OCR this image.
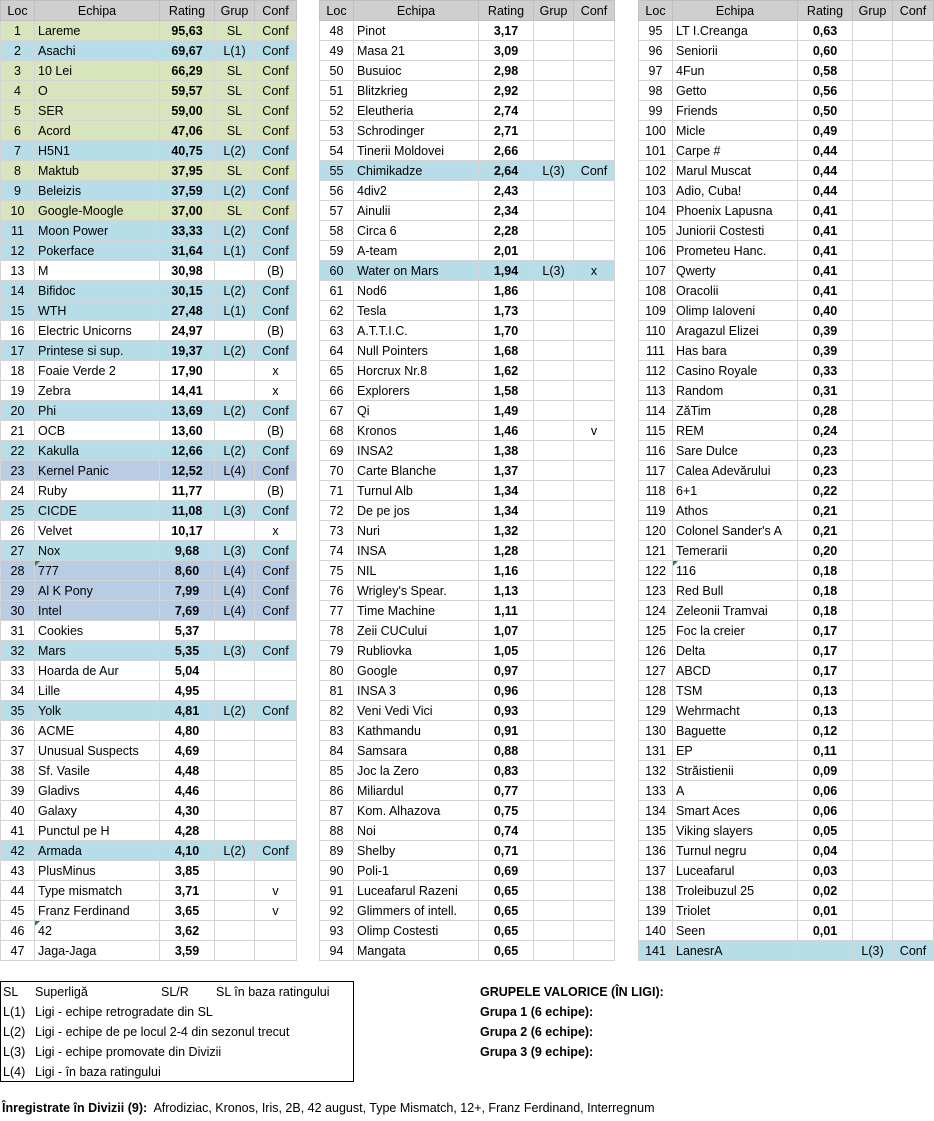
Loc	Echipa	Rating	Grup	Conf
1	Lareme	95,63	SL	Conf
2	Asachi	69,67	L(1)	Conf
3	10 Lei	66,29	SL	Conf
4	O	59,57	SL	Conf
5	SER	59,00	SL	Conf
6	Acord	47,06	SL	Conf
7	H5N1	40,75	L(2)	Conf
8	Maktub	37,95	SL	Conf
9	Beleizis	37,59	L(2)	Conf
10	Google-Moogle	37,00	SL	Conf
11	Moon Power	33,33	L(2)	Conf
12	Pokerface	31,64	L(1)	Conf
13	M	30,98		(B)
14	Bifidoc	30,15	L(2)	Conf
15	WTH	27,48	L(1)	Conf
16	Electric Unicorns	24,97		(B)
17	Printese si sup.	19,37	L(2)	Conf
18	Foaie Verde 2	17,90		x
19	Zebra	14,41		x
20	Phi	13,69	L(2)	Conf
21	OCB	13,60		(B)
22	Kakulla	12,66	L(2)	Conf
23	Kernel Panic	12,52	L(4)	Conf
24	Ruby	11,77		(B)
25	CICDE	11,08	L(3)	Conf
26	Velvet	10,17		x
27	Nox	9,68	L(3)	Conf
28	777	8,60	L(4)	Conf
29	Al K Pony	7,99	L(4)	Conf
30	Intel	7,69	L(4)	Conf
31	Cookies	5,37		
32	Mars	5,35	L(3)	Conf
33	Hoarda de Aur	5,04		
34	Lille	4,95		
35	Yolk	4,81	L(2)	Conf
36	ACME	4,80		
37	Unusual Suspects	4,69		
38	Sf. Vasile	4,48		
39	Gladivs	4,46		
40	Galaxy	4,30		
41	Punctul pe H	4,28		
42	Armada	4,10	L(2)	Conf
43	PlusMinus	3,85		
44	Type mismatch	3,71		v
45	Franz Ferdinand	3,65		v
46	42	3,62		
47	Jaga-Jaga	3,59		
Loc	Echipa	Rating	Grup	Conf
48	Pinot	3,17		
49	Masa 21	3,09		
50	Busuioc	2,98		
51	Blitzkrieg	2,92		
52	Eleutheria	2,74		
53	Schrodinger	2,71		
54	Tinerii Moldovei	2,66		
55	Chimikadze	2,64	L(3)	Conf
56	4div2	2,43		
57	Ainulii	2,34		
58	Circa 6	2,28		
59	A-team	2,01		
60	Water on Mars	1,94	L(3)	x
61	Nod6	1,86		
62	Tesla	1,73		
63	A.T.T.I.C.	1,70		
64	Null Pointers	1,68		
65	Horcrux Nr.8	1,62		
66	Explorers	1,58		
67	Qi	1,49		
68	Kronos	1,46		v
69	INSA2	1,38		
70	Carte Blanche	1,37		
71	Turnul Alb	1,34		
72	De pe jos	1,34		
73	Nuri	1,32		
74	INSA	1,28		
75	NIL	1,16		
76	Wrigley's Spear.	1,13		
77	Time Machine	1,11		
78	Zeii CUCului	1,07		
79	Rubliovka	1,05		
80	Google	0,97		
81	INSA 3	0,96		
82	Veni Vedi Vici	0,93		
83	Kathmandu	0,91		
84	Samsara	0,88		
85	Joc la Zero	0,83		
86	Miliardul	0,77		
87	Kom. Alhazova	0,75		
88	Noi	0,74		
89	Shelby	0,71		
90	Poli-1	0,69		
91	Luceafarul Razeni	0,65		
92	Glimmers of intell.	0,65		
93	Olimp Costesti	0,65		
94	Mangata	0,65		
Loc	Echipa	Rating	Grup	Conf
95	LT I.Creanga	0,63		
96	Seniorii	0,60		
97	4Fun	0,58		
98	Getto	0,56		
99	Friends	0,50		
100	Micle	0,49		
101	Carpe #	0,44		
102	Marul Muscat	0,44		
103	Adio, Cuba!	0,44		
104	Phoenix Lapusna	0,41		
105	Juniorii Costesti	0,41		
106	Prometeu Hanc.	0,41		
107	Qwerty	0,41		
108	Oracolii	0,41		
109	Olimp Ialoveni	0,40		
110	Aragazul Elizei	0,39		
111	Has bara	0,39		
112	Casino Royale	0,33		
113	Random	0,31		
114	ZăTim	0,28		
115	REM	0,24		
116	Sare Dulce	0,23		
117	Calea Adevărului	0,23		
118	6+1	0,22		
119	Athos	0,21		
120	Colonel Sander's A	0,21		
121	Temerarii	0,20		
122	116	0,18		
123	Red Bull	0,18		
124	Zeleonii Tramvai	0,18		
125	Foc la creier	0,17		
126	Delta	0,17		
127	ABCD	0,17		
128	TSM	0,13		
129	Wehrmacht	0,13		
130	Baguette	0,12		
131	EP	0,11		
132	Străistienii	0,09		
133	A	0,06		
134	Smart Aces	0,06		
135	Viking slayers	0,05		
136	Turnul negru	0,04		
137	Luceafarul	0,03		
138	Troleibuzul 25	0,02		
139	Triolet	0,01		
140	Seen	0,01		
141	LanesrA		L(3)	Conf
SL Superligă	SL/R SL în baza ratingului
L(1) Ligi - echipe retrogradate din SL
L(2) Ligi - echipe de pe locul 2-4 din sezonul trecut
L(3) Ligi - echipe promovate din Divizii
L(4) Ligi - în baza ratingului
GRUPELE VALORICE (ÎN LIGI):
Grupa 1 (6 echipe):
Grupa 2 (6 echipe):
Grupa 3 (9 echipe):
Înregistrate în Divizii (9): Afrodiziac, Kronos, Iris, 2B, 42 august, Type Mismatch, 12+, Franz Ferdinand, Interregnum
